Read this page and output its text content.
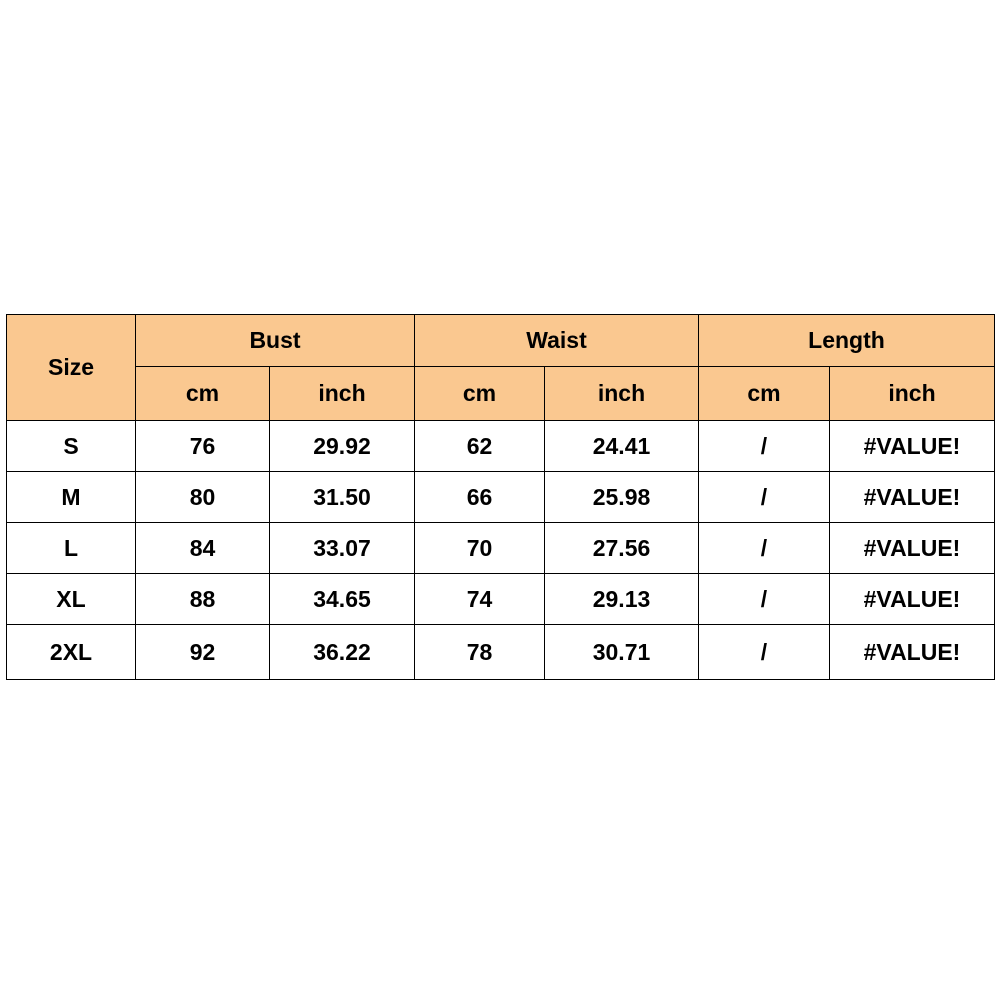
Size	Bust		Waist		Length	
	cm	inch	cm	inch	cm	inch
S	76	29.92	62	24.41	/	#VALUE!
M	80	31.50	66	25.98	/	#VALUE!
L	84	33.07	70	27.56	/	#VALUE!
XL	88	34.65	74	29.13	/	#VALUE!
2XL	92	36.22	78	30.71	/	#VALUE!
